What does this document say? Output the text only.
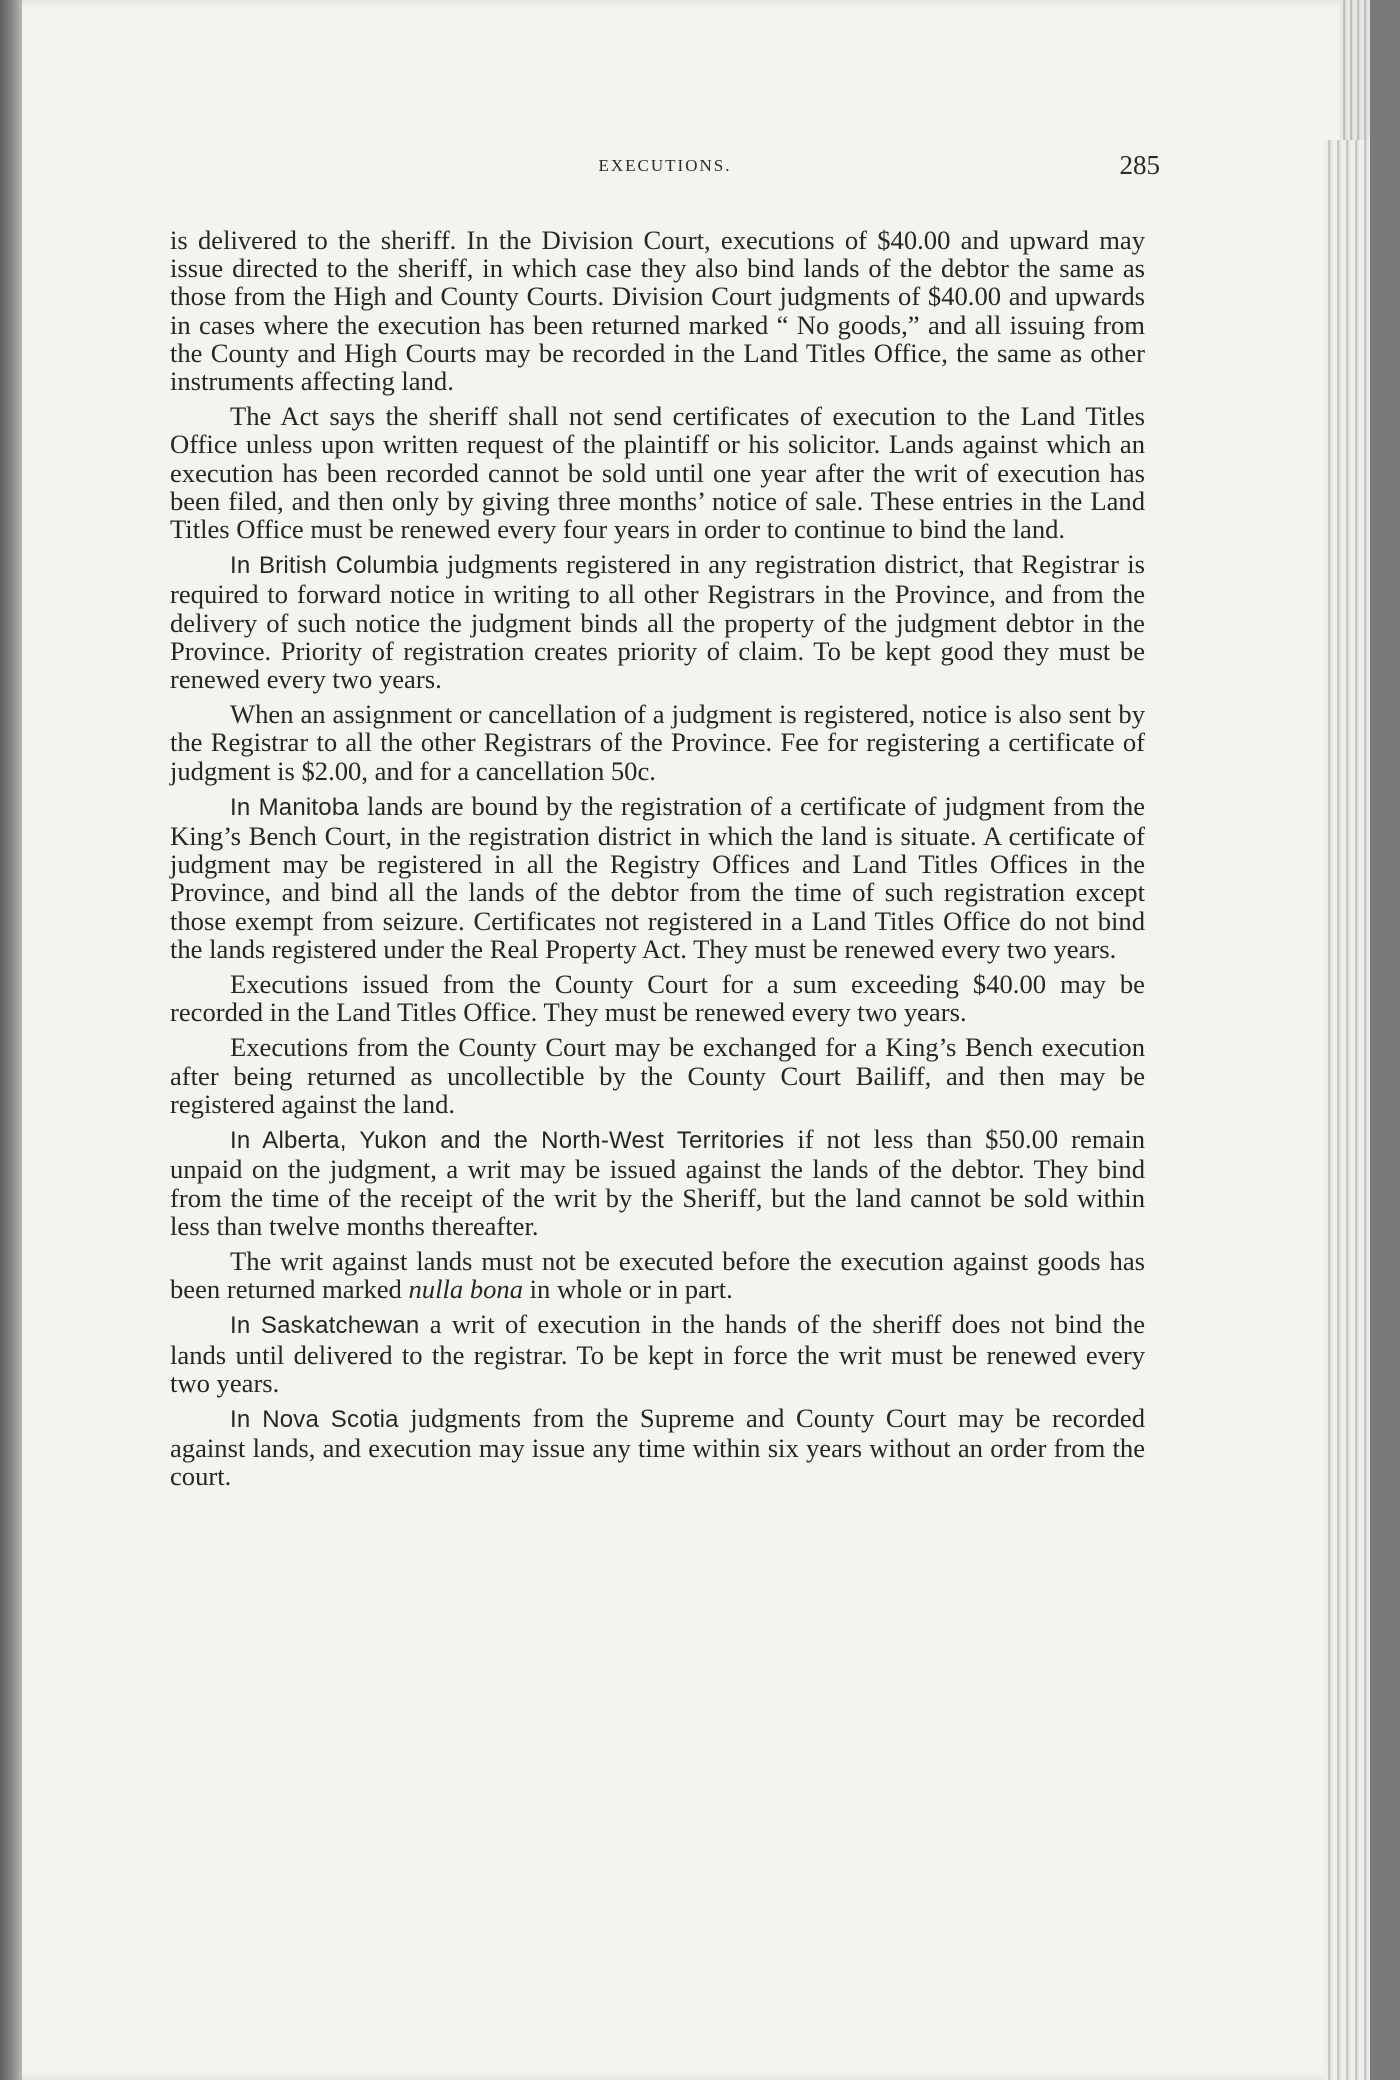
EXECUTIONS.	285

is delivered to the sheriff. In the Division Court, executions of $40.00 and upward may issue directed to the sheriff, in which case they also bind lands of the debtor the same as those from the High and County Courts. Division Court judgments of $40.00 and upwards in cases where the execution has been returned marked “ No goods,” and all issuing from the County and High Courts may be recorded in the Land Titles Office, the same as other instruments affecting land.

The Act says the sheriff shall not send certificates of execution to the Land Titles Office unless upon written request of the plaintiff or his solicitor. Lands against which an execution has been recorded cannot be sold until one year after the writ of execution has been filed, and then only by giving three months’ notice of sale. These entries in the Land Titles Office must be renewed every four years in order to continue to bind the land.

In British Columbia judgments registered in any registration district, that Registrar is required to forward notice in writing to all other Registrars in the Province, and from the delivery of such notice the judgment binds all the property of the judgment debtor in the Province. Priority of registration creates priority of claim. To be kept good they must be renewed every two years.

When an assignment or cancellation of a judgment is registered, notice is also sent by the Registrar to all the other Registrars of the Province. Fee for registering a certificate of judgment is $2.00, and for a cancellation 50c.

In Manitoba lands are bound by the registration of a certificate of judgment from the King’s Bench Court, in the registration district in which the land is situate. A certificate of judgment may be registered in all the Registry Offices and Land Titles Offices in the Province, and bind all the lands of the debtor from the time of such registration except those exempt from seizure. Certificates not registered in a Land Titles Office do not bind the lands registered under the Real Property Act. They must be renewed every two years.

Executions issued from the County Court for a sum exceeding $40.00 may be recorded in the Land Titles Office. They must be renewed every two years.

Executions from the County Court may be exchanged for a King’s Bench execution after being returned as uncollectible by the County Court Bailiff, and then may be registered against the land.

In Alberta, Yukon and the North-West Territories if not less than $50.00 remain unpaid on the judgment, a writ may be issued against the lands of the debtor. They bind from the time of the receipt of the writ by the Sheriff, but the land cannot be sold within less than twelve months thereafter.

The writ against lands must not be executed before the execution against goods has been returned marked nulla bona in whole or in part.

In Saskatchewan a writ of execution in the hands of the sheriff does not bind the lands until delivered to the registrar. To be kept in force the writ must be renewed every two years.

In Nova Scotia judgments from the Supreme and County Court may be recorded against lands, and execution may issue any time within six years without an order from the court.
